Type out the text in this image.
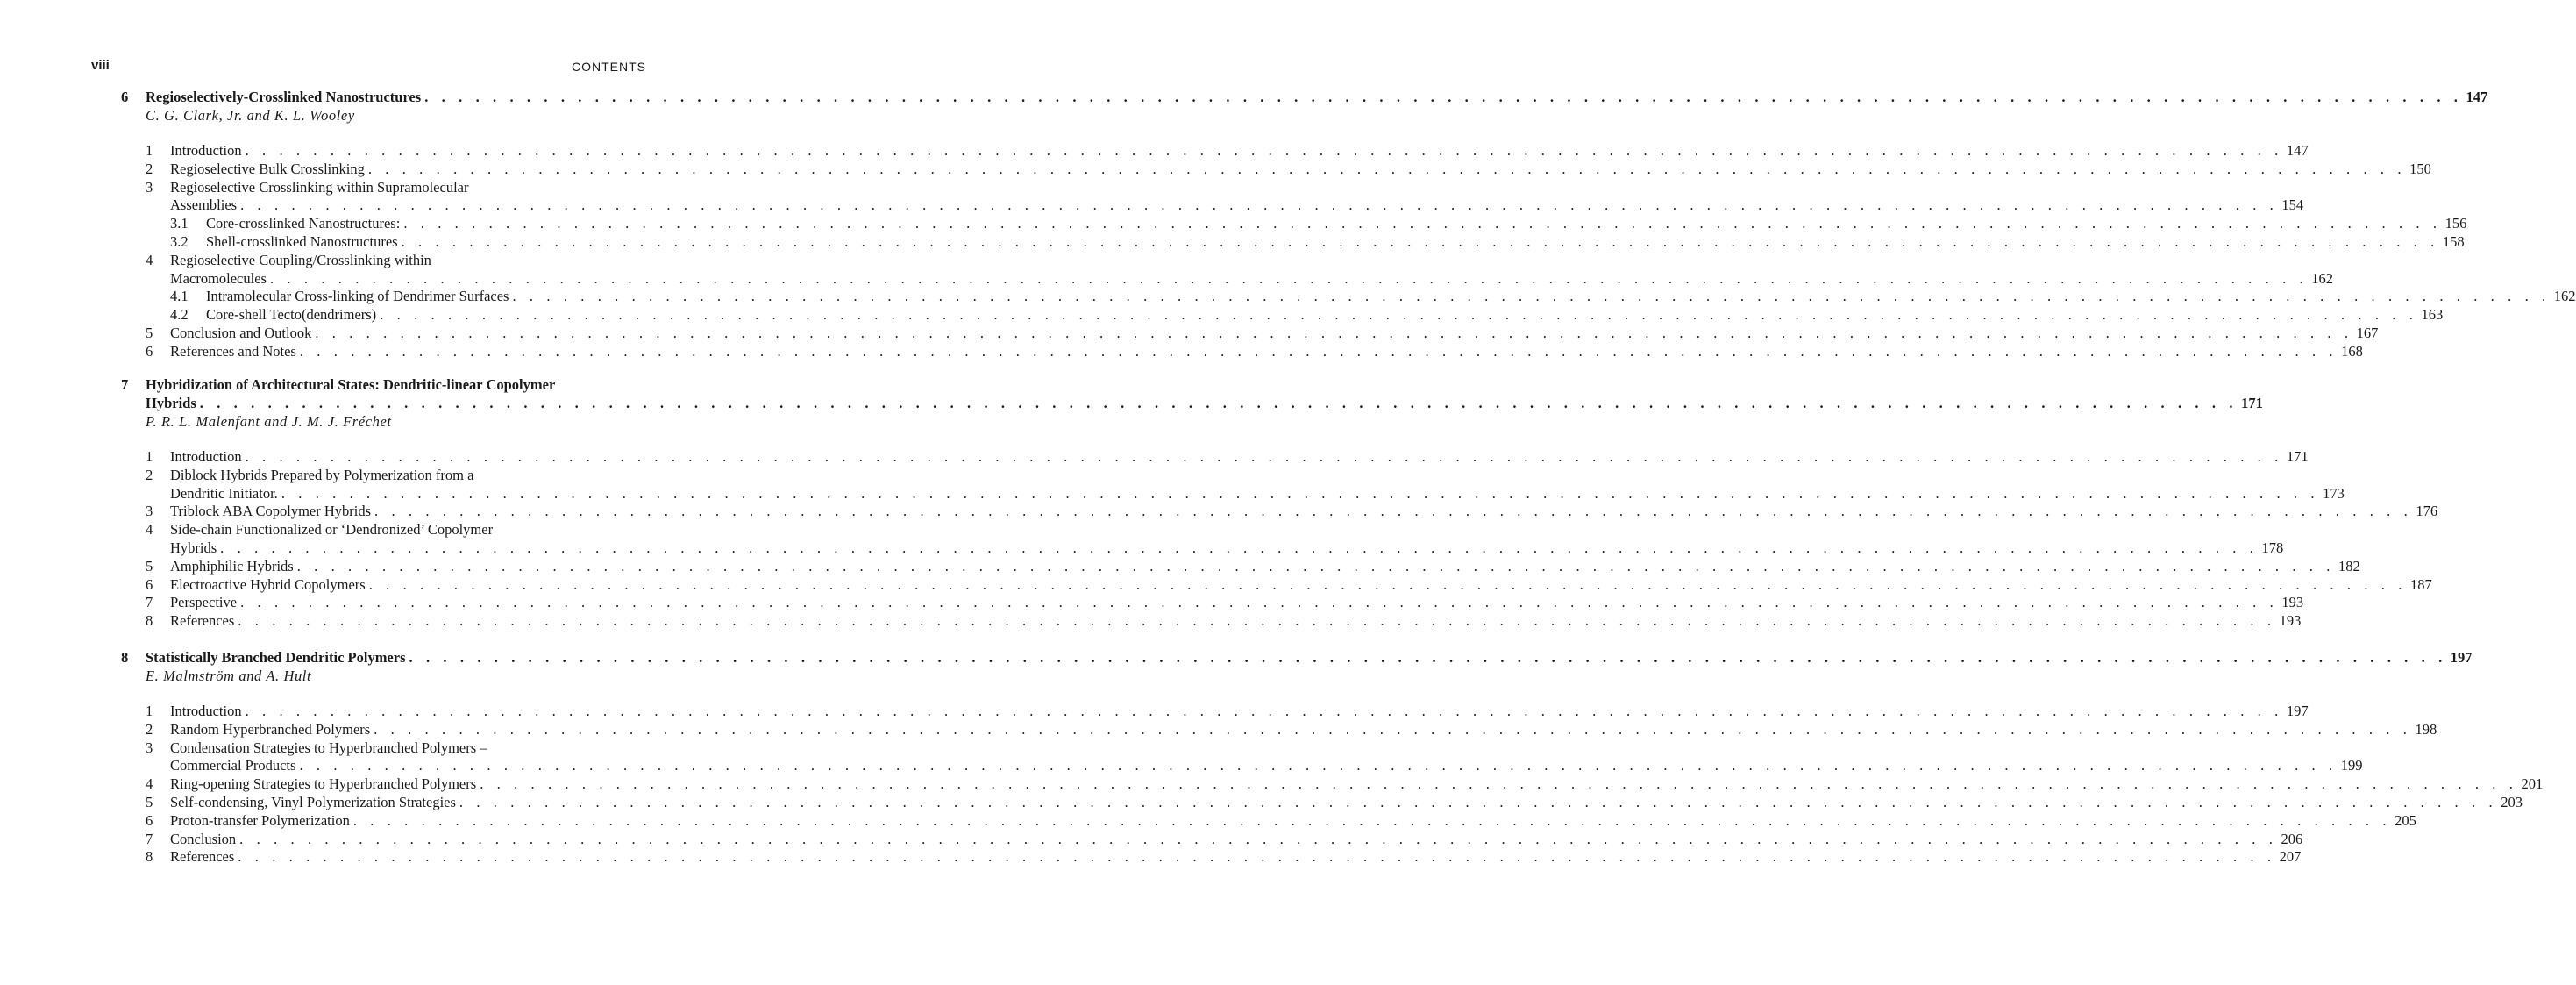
viii	CONTENTS
6 Regioselectively-Crosslinked Nanostructures . . . . . . . . . . . . . . . . . . . . . . . . . . . . . . . . . . . . . . . . . . . . . . . . . . . . . . . . . . . . . . . . . . . . . . . . . . . . . . . . . . . . . . . . . . . . . . . . . . . . . . . . . . . . . . . . . . . . . . . . 147
C. G. Clark, Jr. and K. L. Wooley
1 Introduction . . . . . . . . . . . . . . . . . . . . . . . . . . . . . . . . . . . . . . . . . . . . . . . . . . . . . . . . . . . . . . . . . . . . . . . . . . . . . . . . . . . . . . . . . . . . . . . . . . . . . . . . . . . . . . . . . . . . . . . . 147
2 Regioselective Bulk Crosslinking . . . . . . . . . . . . . . . . . . . . . . . . . . . . . . . . . . . . . . . . . . . . . . . . . . . . . . . . . . . . . . . . . . . . . . . . . . . . . . . . . . . . . . . . . . . . . . . . . . . . . . . . . . . . . . . . . . . . . . . . 150
3 Regioselective Crosslinking within Supramolecular
Assemblies . . . . . . . . . . . . . . . . . . . . . . . . . . . . . . . . . . . . . . . . . . . . . . . . . . . . . . . . . . . . . . . . . . . . . . . . . . . . . . . . . . . . . . . . . . . . . . . . . . . . . . . . . . . . . . . . . . . . . . . . 154
3.1 Core-crosslinked Nanostructures: . . . . . . . . . . . . . . . . . . . . . . . . . . . . . . . . . . . . . . . . . . . . . . . . . . . . . . . . . . . . . . . . . . . . . . . . . . . . . . . . . . . . . . . . . . . . . . . . . . . . . . . . . . . . . . . . . . . . . . . . 156
3.2 Shell-crosslinked Nanostructures . . . . . . . . . . . . . . . . . . . . . . . . . . . . . . . . . . . . . . . . . . . . . . . . . . . . . . . . . . . . . . . . . . . . . . . . . . . . . . . . . . . . . . . . . . . . . . . . . . . . . . . . . . . . . . . . . . . . . . . . 158
4 Regioselective Coupling/Crosslinking within
Macromolecules . . . . . . . . . . . . . . . . . . . . . . . . . . . . . . . . . . . . . . . . . . . . . . . . . . . . . . . . . . . . . . . . . . . . . . . . . . . . . . . . . . . . . . . . . . . . . . . . . . . . . . . . . . . . . . . . . . . . . . . . 162
4.1 Intramolecular Cross-linking of Dendrimer Surfaces . . . . . . . . . . . . . . . . . . . . . . . . . . . . . . . . . . . . . . . . . . . . . . . . . . . . . . . . . . . . . . . . . . . . . . . . . . . . . . . . . . . . . . . . . . . . . . . . . . . . . . . . . . . . . . . . . . . . . . . . 162
4.2 Core-shell Tecto(dendrimers) . . . . . . . . . . . . . . . . . . . . . . . . . . . . . . . . . . . . . . . . . . . . . . . . . . . . . . . . . . . . . . . . . . . . . . . . . . . . . . . . . . . . . . . . . . . . . . . . . . . . . . . . . . . . . . . . . . . . . . . . 163
5 Conclusion and Outlook . . . . . . . . . . . . . . . . . . . . . . . . . . . . . . . . . . . . . . . . . . . . . . . . . . . . . . . . . . . . . . . . . . . . . . . . . . . . . . . . . . . . . . . . . . . . . . . . . . . . . . . . . . . . . . . . . . . . . . . . 167
6 References and Notes . . . . . . . . . . . . . . . . . . . . . . . . . . . . . . . . . . . . . . . . . . . . . . . . . . . . . . . . . . . . . . . . . . . . . . . . . . . . . . . . . . . . . . . . . . . . . . . . . . . . . . . . . . . . . . . . . . . . . . . . 168
7 Hybridization of Architectural States: Dendritic-linear Copolymer
Hybrids . . . . . . . . . . . . . . . . . . . . . . . . . . . . . . . . . . . . . . . . . . . . . . . . . . . . . . . . . . . . . . . . . . . . . . . . . . . . . . . . . . . . . . . . . . . . . . . . . . . . . . . . . . . . . . . . . . . . . . . . 171
P. R. L. Malenfant and J. M. J. Fréchet
1 Introduction . . . . . . . . . . . . . . . . . . . . . . . . . . . . . . . . . . . . . . . . . . . . . . . . . . . . . . . . . . . . . . . . . . . . . . . . . . . . . . . . . . . . . . . . . . . . . . . . . . . . . . . . . . . . . . . . . . . . . . . . 171
2 Diblock Hybrids Prepared by Polymerization from a
Dendritic Initiator. . . . . . . . . . . . . . . . . . . . . . . . . . . . . . . . . . . . . . . . . . . . . . . . . . . . . . . . . . . . . . . . . . . . . . . . . . . . . . . . . . . . . . . . . . . . . . . . . . . . . . . . . . . . . . . . . . . . . . . . . 173
3 Triblock ABA Copolymer Hybrids . . . . . . . . . . . . . . . . . . . . . . . . . . . . . . . . . . . . . . . . . . . . . . . . . . . . . . . . . . . . . . . . . . . . . . . . . . . . . . . . . . . . . . . . . . . . . . . . . . . . . . . . . . . . . . . . . . . . . . . . 176
4 Side-chain Functionalized or ‘Dendronized’ Copolymer
Hybrids . . . . . . . . . . . . . . . . . . . . . . . . . . . . . . . . . . . . . . . . . . . . . . . . . . . . . . . . . . . . . . . . . . . . . . . . . . . . . . . . . . . . . . . . . . . . . . . . . . . . . . . . . . . . . . . . . . . . . . . . 178
5 Amphiphilic Hybrids . . . . . . . . . . . . . . . . . . . . . . . . . . . . . . . . . . . . . . . . . . . . . . . . . . . . . . . . . . . . . . . . . . . . . . . . . . . . . . . . . . . . . . . . . . . . . . . . . . . . . . . . . . . . . . . . . . . . . . . . 182
6 Electroactive Hybrid Copolymers . . . . . . . . . . . . . . . . . . . . . . . . . . . . . . . . . . . . . . . . . . . . . . . . . . . . . . . . . . . . . . . . . . . . . . . . . . . . . . . . . . . . . . . . . . . . . . . . . . . . . . . . . . . . . . . . . . . . . . . . 187
7 Perspective . . . . . . . . . . . . . . . . . . . . . . . . . . . . . . . . . . . . . . . . . . . . . . . . . . . . . . . . . . . . . . . . . . . . . . . . . . . . . . . . . . . . . . . . . . . . . . . . . . . . . . . . . . . . . . . . . . . . . . . . 193
8 References . . . . . . . . . . . . . . . . . . . . . . . . . . . . . . . . . . . . . . . . . . . . . . . . . . . . . . . . . . . . . . . . . . . . . . . . . . . . . . . . . . . . . . . . . . . . . . . . . . . . . . . . . . . . . . . . . . . . . . . . 193
8 Statistically Branched Dendritic Polymers . . . . . . . . . . . . . . . . . . . . . . . . . . . . . . . . . . . . . . . . . . . . . . . . . . . . . . . . . . . . . . . . . . . . . . . . . . . . . . . . . . . . . . . . . . . . . . . . . . . . . . . . . . . . . . . . . . . . . . . . 197
E. Malmström and A. Hult
1 Introduction . . . . . . . . . . . . . . . . . . . . . . . . . . . . . . . . . . . . . . . . . . . . . . . . . . . . . . . . . . . . . . . . . . . . . . . . . . . . . . . . . . . . . . . . . . . . . . . . . . . . . . . . . . . . . . . . . . . . . . . . 197
2 Random Hyperbranched Polymers . . . . . . . . . . . . . . . . . . . . . . . . . . . . . . . . . . . . . . . . . . . . . . . . . . . . . . . . . . . . . . . . . . . . . . . . . . . . . . . . . . . . . . . . . . . . . . . . . . . . . . . . . . . . . . . . . . . . . . . . 198
3 Condensation Strategies to Hyperbranched Polymers –
Commercial Products . . . . . . . . . . . . . . . . . . . . . . . . . . . . . . . . . . . . . . . . . . . . . . . . . . . . . . . . . . . . . . . . . . . . . . . . . . . . . . . . . . . . . . . . . . . . . . . . . . . . . . . . . . . . . . . . . . . . . . . . 199
4 Ring-opening Strategies to Hyperbranched Polymers . . . . . . . . . . . . . . . . . . . . . . . . . . . . . . . . . . . . . . . . . . . . . . . . . . . . . . . . . . . . . . . . . . . . . . . . . . . . . . . . . . . . . . . . . . . . . . . . . . . . . . . . . . . . . . . . . . . . . . . . 201
5 Self-condensing, Vinyl Polymerization Strategies . . . . . . . . . . . . . . . . . . . . . . . . . . . . . . . . . . . . . . . . . . . . . . . . . . . . . . . . . . . . . . . . . . . . . . . . . . . . . . . . . . . . . . . . . . . . . . . . . . . . . . . . . . . . . . . . . . . . . . . . 203
6 Proton-transfer Polymerization . . . . . . . . . . . . . . . . . . . . . . . . . . . . . . . . . . . . . . . . . . . . . . . . . . . . . . . . . . . . . . . . . . . . . . . . . . . . . . . . . . . . . . . . . . . . . . . . . . . . . . . . . . . . . . . . . . . . . . . . 205
7 Conclusion . . . . . . . . . . . . . . . . . . . . . . . . . . . . . . . . . . . . . . . . . . . . . . . . . . . . . . . . . . . . . . . . . . . . . . . . . . . . . . . . . . . . . . . . . . . . . . . . . . . . . . . . . . . . . . . . . . . . . . . . 206
8 References . . . . . . . . . . . . . . . . . . . . . . . . . . . . . . . . . . . . . . . . . . . . . . . . . . . . . . . . . . . . . . . . . . . . . . . . . . . . . . . . . . . . . . . . . . . . . . . . . . . . . . . . . . . . . . . . . . . . . . . . 207
